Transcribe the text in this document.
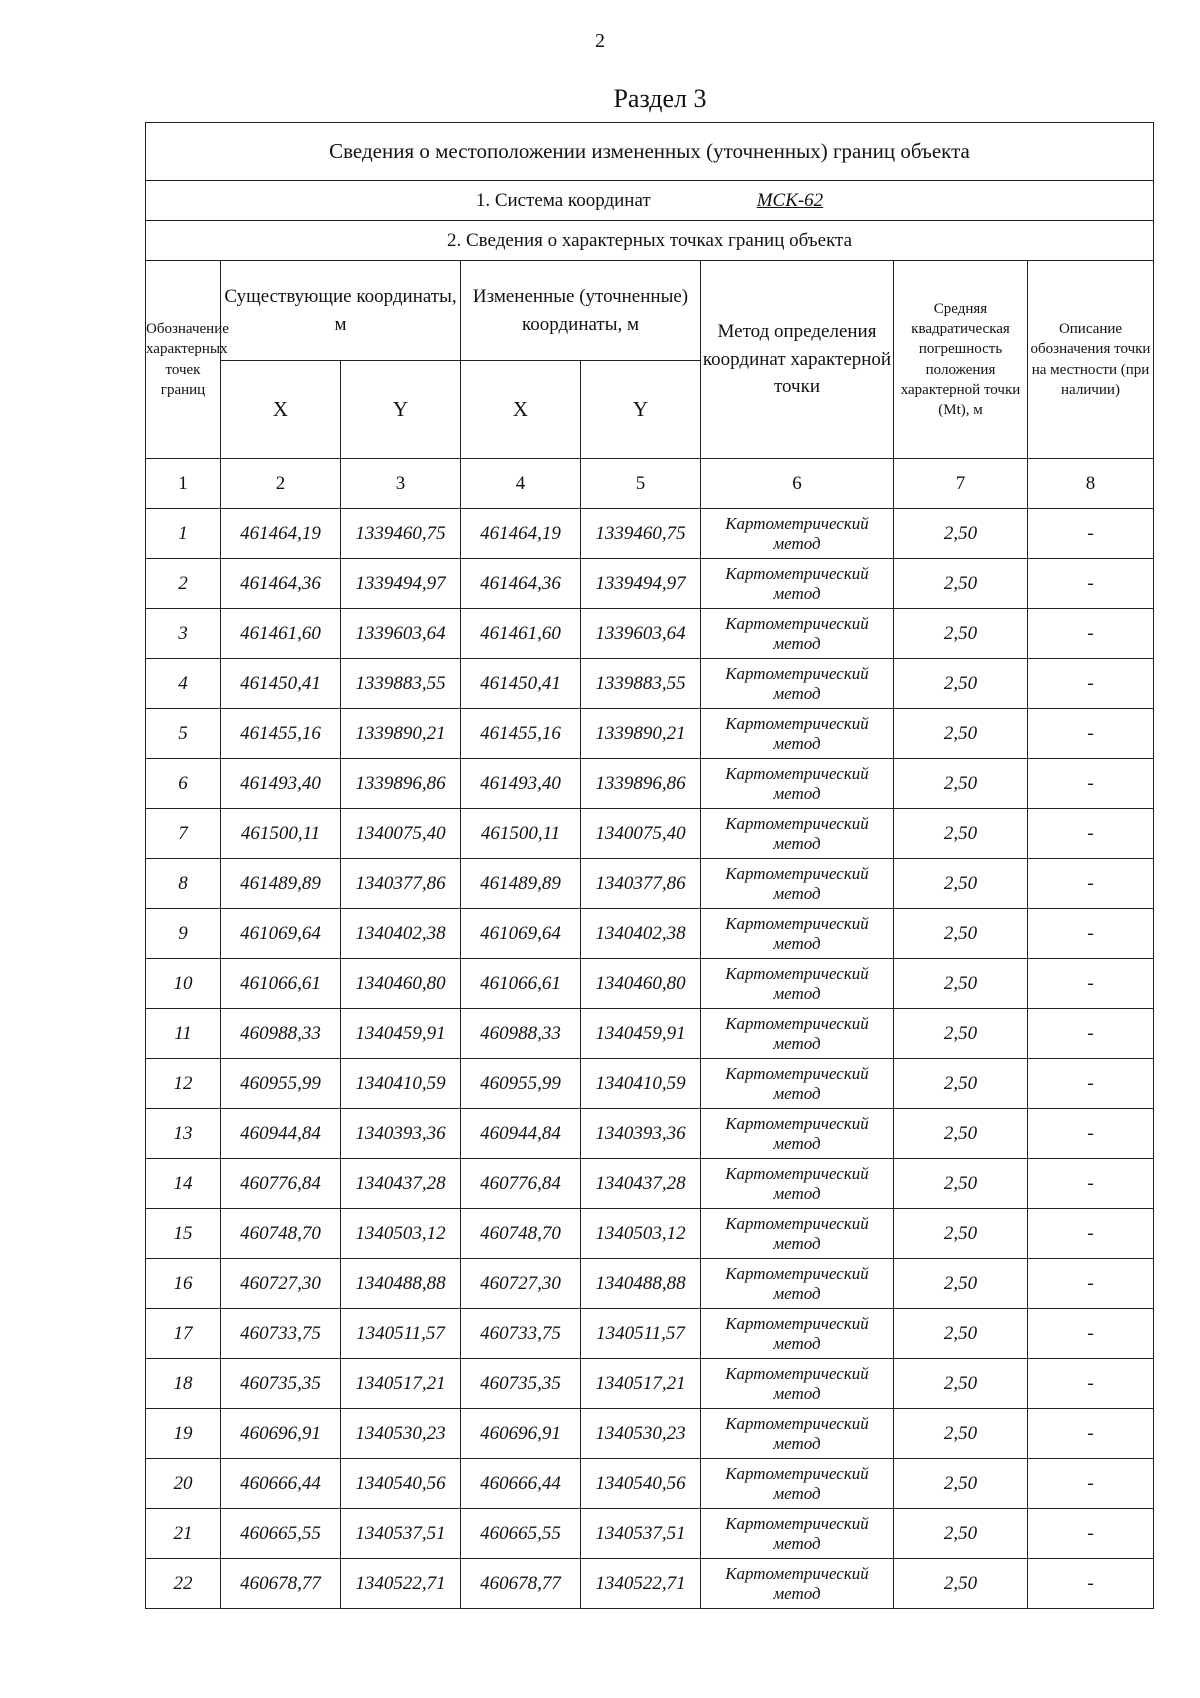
2
Раздел 3
Сведения о местоположении измененных (уточненных) границ объекта							
1. Система координат МСК-62							
2. Сведения о характерных точках границ объекта							
Обозначение характерных точек границ	Существующие координаты, м		Измененные (уточненные) координаты, м		Метод определения координат характерной точки	Средняя квадратическая погрешность положения характерной точки (Mt), м	Описание обозначения точки на местности (при наличии)
	X	Y	X	Y			
1	2	3	4	5	6	7	8
1	461464,19	1339460,75	461464,19	1339460,75	Картометрический метод	2,50	-
2	461464,36	1339494,97	461464,36	1339494,97	Картометрический метод	2,50	-
3	461461,60	1339603,64	461461,60	1339603,64	Картометрический метод	2,50	-
4	461450,41	1339883,55	461450,41	1339883,55	Картометрический метод	2,50	-
5	461455,16	1339890,21	461455,16	1339890,21	Картометрический метод	2,50	-
6	461493,40	1339896,86	461493,40	1339896,86	Картометрический метод	2,50	-
7	461500,11	1340075,40	461500,11	1340075,40	Картометрический метод	2,50	-
8	461489,89	1340377,86	461489,89	1340377,86	Картометрический метод	2,50	-
9	461069,64	1340402,38	461069,64	1340402,38	Картометрический метод	2,50	-
10	461066,61	1340460,80	461066,61	1340460,80	Картометрический метод	2,50	-
11	460988,33	1340459,91	460988,33	1340459,91	Картометрический метод	2,50	-
12	460955,99	1340410,59	460955,99	1340410,59	Картометрический метод	2,50	-
13	460944,84	1340393,36	460944,84	1340393,36	Картометрический метод	2,50	-
14	460776,84	1340437,28	460776,84	1340437,28	Картометрический метод	2,50	-
15	460748,70	1340503,12	460748,70	1340503,12	Картометрический метод	2,50	-
16	460727,30	1340488,88	460727,30	1340488,88	Картометрический метод	2,50	-
17	460733,75	1340511,57	460733,75	1340511,57	Картометрический метод	2,50	-
18	460735,35	1340517,21	460735,35	1340517,21	Картометрический метод	2,50	-
19	460696,91	1340530,23	460696,91	1340530,23	Картометрический метод	2,50	-
20	460666,44	1340540,56	460666,44	1340540,56	Картометрический метод	2,50	-
21	460665,55	1340537,51	460665,55	1340537,51	Картометрический метод	2,50	-
22	460678,77	1340522,71	460678,77	1340522,71	Картометрический метод	2,50	-
